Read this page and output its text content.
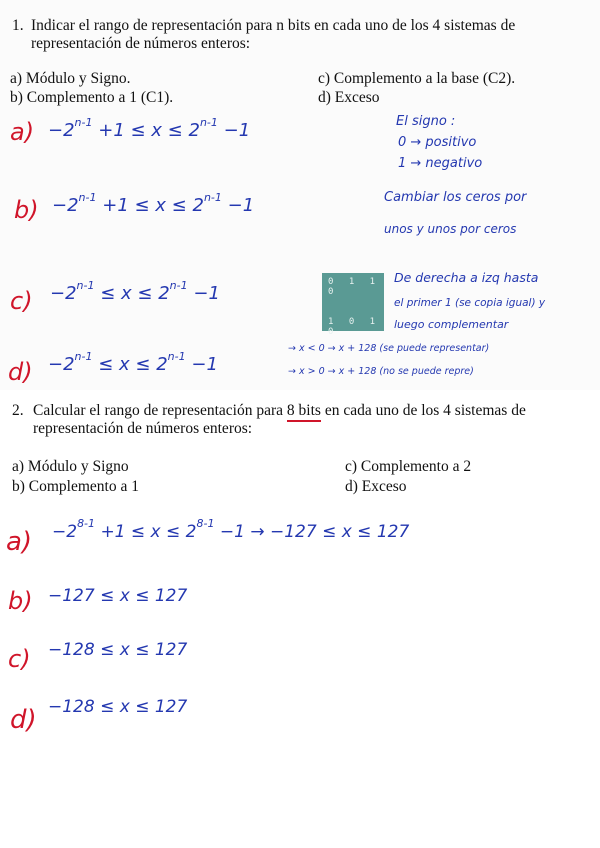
1. Indicar el rango de representación para n bits en cada uno de los 4 sistemas de
representación de números enteros:
a) Módulo y Signo.
b) Complemento a 1 (C1).
c) Complemento a la base (C2).
d) Exceso
$a) -2^{n-1} +1 \le x \le 2^{n-1} -1$
$b) -2^{n-1} +1 \le x \le 2^{n-1} -1$
$c) -2^{n-1} \le x \le 2^{n-1} -1$
$d) -2^{n-1} \le x \le 2^{n-1} -1$
El signo :
0 → positivo
1 → negativo
Cambiar los ceros por
unos y unos por ceros
0 1 1 0
1 0 1 0
De derecha a izq hasta
el primer 1 (se copia igual) y
luego complementar
→ x < 0 → x + 128 (se puede representar)
→ x > 0 → x + 128 (no se puede repre)
2. Calcular el rango de representación para 8 bits en cada uno de los 4 sistemas de
representación de números enteros:
a) Módulo y Signo
b) Complemento a 1
c) Complemento a 2
d) Exceso
$a) -2^{8-1} +1 \le x \le 2^{8-1} -1 \to -127 \le x \le 127$
b) −127 ≤ x ≤ 127
c) −128 ≤ x ≤ 127
d) −128 ≤ x ≤ 127
